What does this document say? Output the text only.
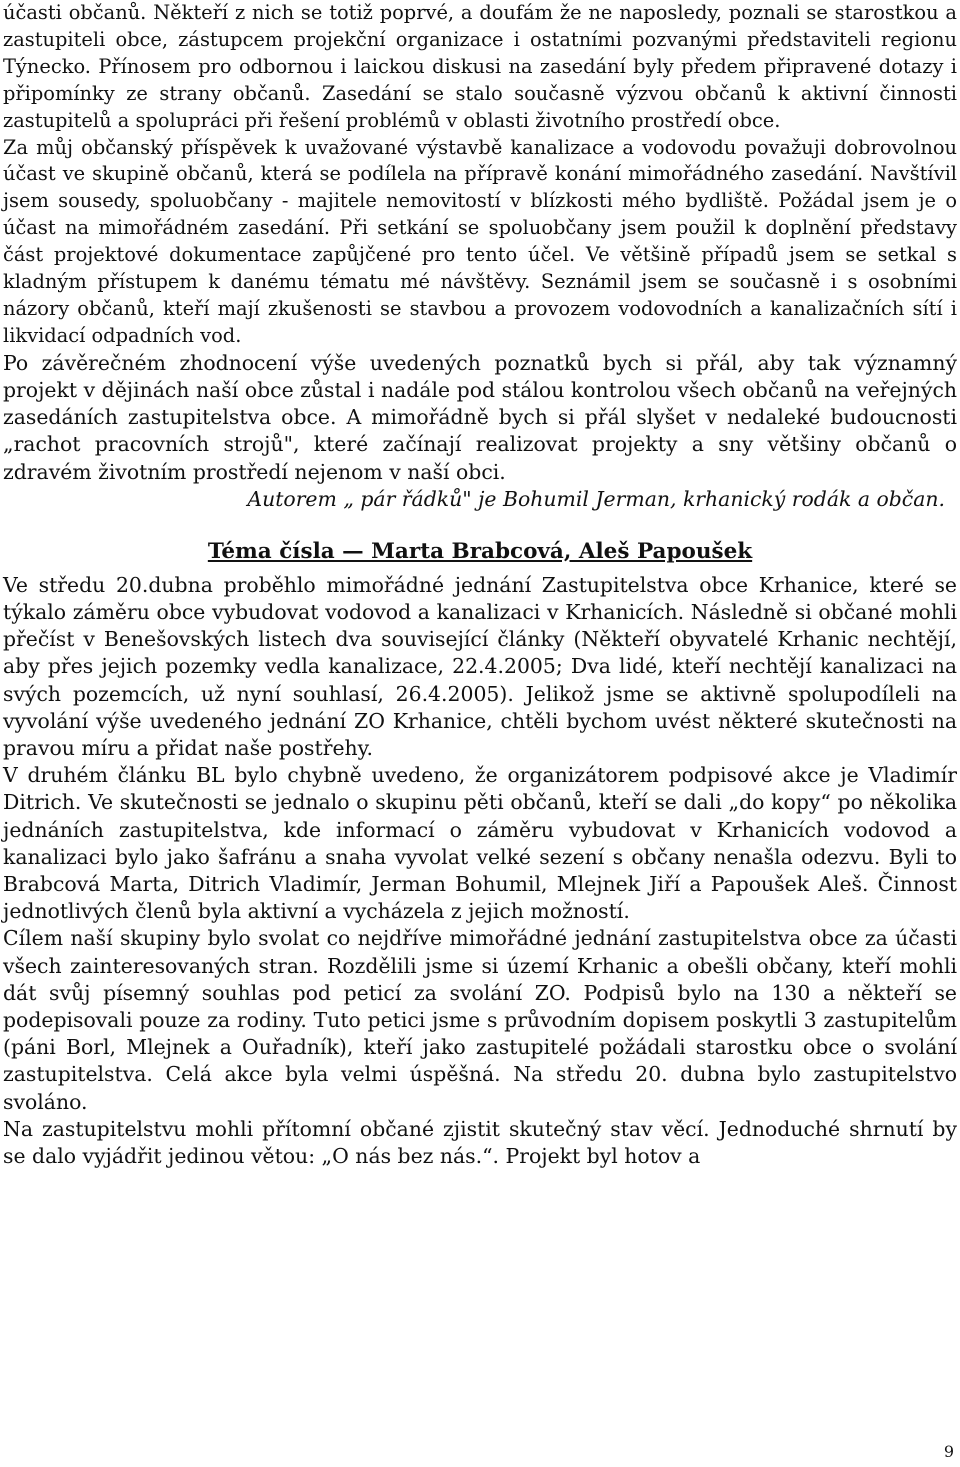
účasti občanů. Někteří z nich se totiž poprvé, a doufám že ne naposledy, poznali se starostkou a zastupiteli obce, zástupcem projekční organizace i ostatními pozvanými představiteli regionu Týnecko. Přínosem pro odbornou i laickou diskusi na zasedání byly předem připravené dotazy i připomínky ze strany občanů. Zasedání se stalo současně výzvou občanů k aktivní činnosti zastupitelů a spolupráci při řešení problémů v oblasti životního prostředí obce.

Za můj občanský příspěvek k uvažované výstavbě kanalizace a vodovodu považuji dobrovolnou účast ve skupině občanů, která se podílela na přípravě konání mimořádného zasedání. Navštívil jsem sousedy, spoluobčany - majitele nemovitostí v blízkosti mého bydliště. Požádal jsem je o účast na mimořádném zasedání. Při setkání se spoluobčany jsem použil k doplnění představy část projektové dokumentace zapůjčené pro tento účel. Ve většině případů jsem se setkal s kladným přístupem k danému tématu mé návštěvy. Seznámil jsem se současně i s osobními názory občanů, kteří mají zkušenosti se stavbou a provozem vodovodních a kanalizačních sítí i likvidací odpadních vod.

Po závěrečném zhodnocení výše uvedených poznatků bych si přál, aby tak významný projekt v dějinách naší obce zůstal i nadále pod stálou kontrolou všech občanů na veřejných zasedáních zastupitelstva obce. A mimořádně bych si přál slyšet v nedaleké budoucnosti „rachot pracovních strojů", které začínají realizovat projekty a sny většiny občanů o zdravém životním prostředí nejenom v naší obci.

Autorem „ pár řádků" je Bohumil Jerman, krhanický rodák a občan.

Téma čísla — Marta Brabcová, Aleš Papoušek

Ve středu 20.dubna proběhlo mimořádné jednání Zastupitelstva obce Krhanice, které se týkalo záměru obce vybudovat vodovod a kanalizaci v Krhanicích. Následně si občané mohli přečíst v Benešovských listech dva související články (Někteří obyvatelé Krhanic nechtějí, aby přes jejich pozemky vedla kanalizace, 22.4.2005; Dva lidé, kteří nechtějí kanalizaci na svých pozemcích, už nyní souhlasí, 26.4.2005). Jelikož jsme se aktivně spolupodíleli na vyvolání výše uvedeného jednání ZO Krhanice, chtěli bychom uvést některé skutečnosti na pravou míru a přidat naše postřehy.

V druhém článku BL bylo chybně uvedeno, že organizátorem podpisové akce je Vladimír Ditrich. Ve skutečnosti se jednalo o skupinu pěti občanů, kteří se dali „do kopy“ po několika jednáních zastupitelstva, kde informací o záměru vybudovat v Krhanicích vodovod a kanalizaci bylo jako šafránu a snaha vyvolat velké sezení s občany nenašla odezvu. Byli to Brabcová Marta, Ditrich Vladimír, Jerman Bohumil, Mlejnek Jiří a Papoušek Aleš. Činnost jednotlivých členů byla aktivní a vycházela z jejich možností.

Cílem naší skupiny bylo svolat co nejdříve mimořádné jednání zastupitelstva obce za účasti všech zainteresovaných stran. Rozdělili jsme si území Krhanic a obešli občany, kteří mohli dát svůj písemný souhlas pod peticí za svolání ZO. Podpisů bylo na 130 a někteří se podepisovali pouze za rodiny. Tuto petici jsme s průvodním dopisem poskytli 3 zastupitelům (páni Borl, Mlejnek a Ouřadník), kteří jako zastupitelé požádali starostku obce o svolání zastupitelstva. Celá akce byla velmi úspěšná. Na středu 20. dubna bylo zastupitelstvo svoláno.

Na zastupitelstvu mohli přítomní občané zjistit skutečný stav věcí. Jednoduché shrnutí by se dalo vyjádřit jedinou větou: „O nás bez nás.“. Projekt byl hotov a

9
